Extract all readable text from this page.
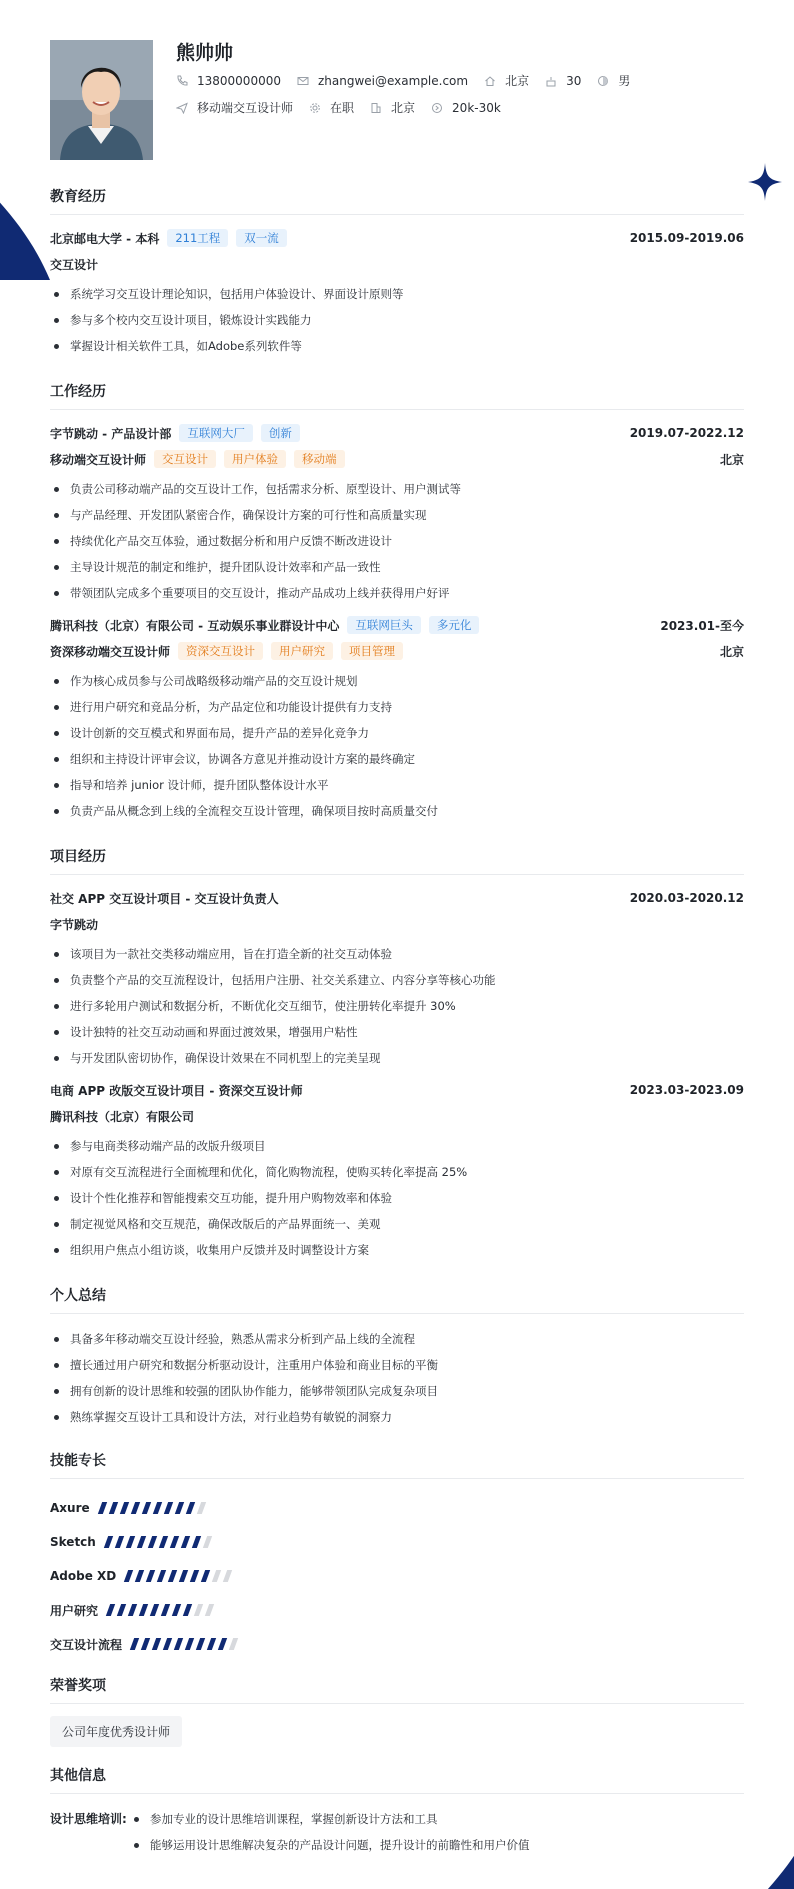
熊帅帅
13800000000	zhangwei@example.com	北京	30	男
移动端交互设计师	在职	北京	20k-30k
教育经历
北京邮电大学 - 本科	211工程	双一流	2015.09-2019.06
交互设计
系统学习交互设计理论知识，包括用户体验设计、界面设计原则等
参与多个校内交互设计项目，锻炼设计实践能力
掌握设计相关软件工具，如Adobe系列软件等
工作经历
字节跳动 - 产品设计部	互联网大厂	创新	2019.07-2022.12
移动端交互设计师	交互设计	用户体验	移动端	北京
负责公司移动端产品的交互设计工作，包括需求分析、原型设计、用户测试等
与产品经理、开发团队紧密合作，确保设计方案的可行性和高质量实现
持续优化产品交互体验，通过数据分析和用户反馈不断改进设计
主导设计规范的制定和维护，提升团队设计效率和产品一致性
带领团队完成多个重要项目的交互设计，推动产品成功上线并获得用户好评
腾讯科技（北京）有限公司 - 互动娱乐事业群设计中心	互联网巨头	多元化	2023.01-至今
资深移动端交互设计师	资深交互设计	用户研究	项目管理	北京
作为核心成员参与公司战略级移动端产品的交互设计规划
进行用户研究和竞品分析，为产品定位和功能设计提供有力支持
设计创新的交互模式和界面布局，提升产品的差异化竞争力
组织和主持设计评审会议，协调各方意见并推动设计方案的最终确定
指导和培养 junior 设计师，提升团队整体设计水平
负责产品从概念到上线的全流程交互设计管理，确保项目按时高质量交付
项目经历
社交 APP 交互设计项目 - 交互设计负责人	2020.03-2020.12
字节跳动
该项目为一款社交类移动端应用，旨在打造全新的社交互动体验
负责整个产品的交互流程设计，包括用户注册、社交关系建立、内容分享等核心功能
进行多轮用户测试和数据分析，不断优化交互细节，使注册转化率提升 30%
设计独特的社交互动动画和界面过渡效果，增强用户粘性
与开发团队密切协作，确保设计效果在不同机型上的完美呈现
电商 APP 改版交互设计项目 - 资深交互设计师	2023.03-2023.09
腾讯科技（北京）有限公司
参与电商类移动端产品的改版升级项目
对原有交互流程进行全面梳理和优化，简化购物流程，使购买转化率提高 25%
设计个性化推荐和智能搜索交互功能，提升用户购物效率和体验
制定视觉风格和交互规范，确保改版后的产品界面统一、美观
组织用户焦点小组访谈，收集用户反馈并及时调整设计方案
个人总结
具备多年移动端交互设计经验，熟悉从需求分析到产品上线的全流程
擅长通过用户研究和数据分析驱动设计，注重用户体验和商业目标的平衡
拥有创新的设计思维和较强的团队协作能力，能够带领团队完成复杂项目
熟练掌握交互设计工具和设计方法，对行业趋势有敏锐的洞察力
技能专长
Axure
Sketch
Adobe XD
用户研究
交互设计流程
荣誉奖项
公司年度优秀设计师
其他信息
设计思维培训:	参加专业的设计思维培训课程，掌握创新设计方法和工具
能够运用设计思维解决复杂的产品设计问题，提升设计的前瞻性和用户价值
